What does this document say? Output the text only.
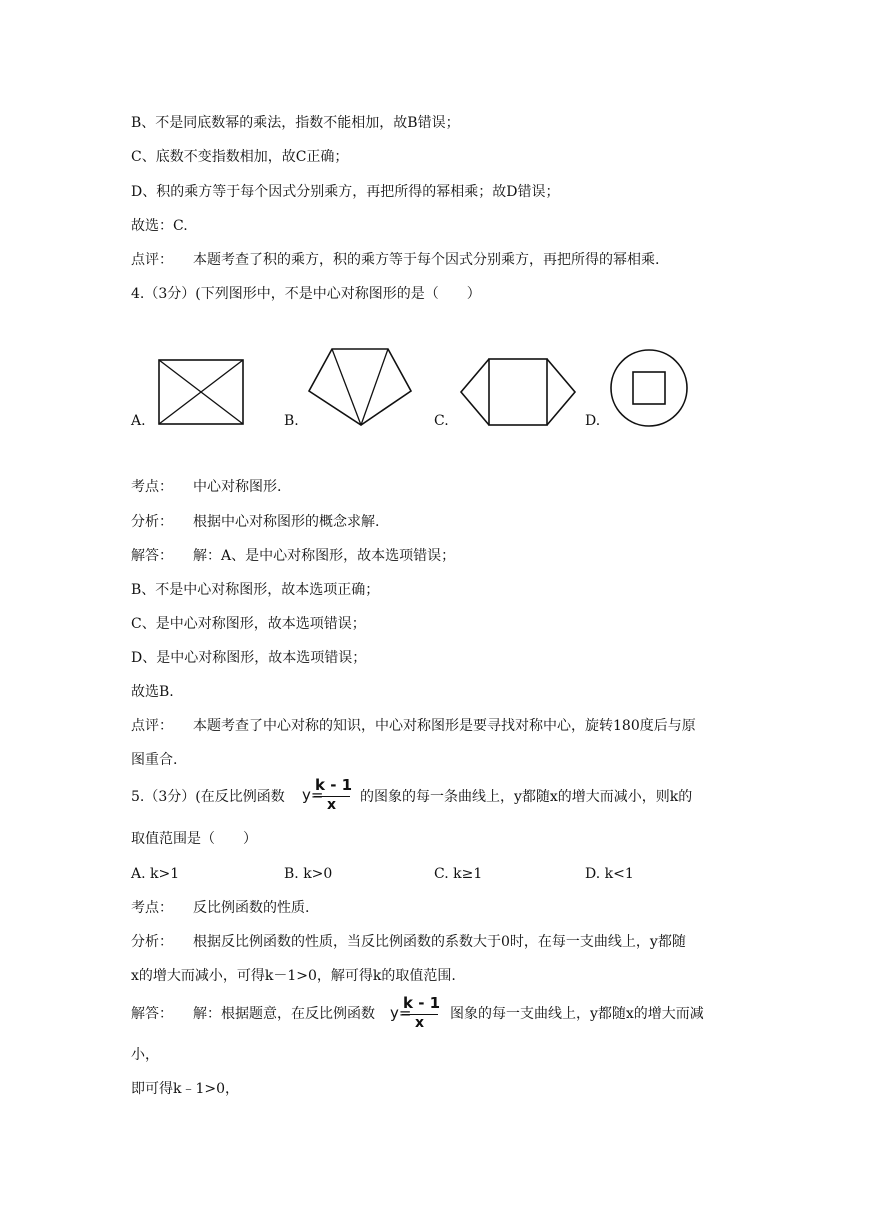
B、不是同底数幂的乘法，指数不能相加，故B错误；
C、底数不变指数相加，故C正确；
D、积的乘方等于每个因式分别乘方，再把所得的幂相乘；故D错误；
故选：C.
点评： 本题考查了积的乘方，积的乘方等于每个因式分别乘方，再把所得的幂相乘.
4.（3分）(下列图形中，不是中心对称图形的是（　　）
A.	B.	C.	D.
考点： 中心对称图形.
分析： 根据中心对称图形的概念求解.
解答： 解：A、是中心对称图形，故本选项错误；
B、不是中心对称图形，故本选项正确；
C、是中心对称图形，故本选项错误；
D、是中心对称图形，故本选项错误；
故选B.
点评： 本题考查了中心对称的知识，中心对称图形是要寻找对称中心，旋转180度后与原
图重合.
5.（3分）(在反比例函数 y=
k - 1
x 的图象的每一条曲线上，y都随x的增大而减小，则k的
取值范围是（　　）
A. k>1	B. k>0	C. k≥1	D. k<1
考点： 反比例函数的性质.
分析： 根据反比例函数的性质，当反比例函数的系数大于0时，在每一支曲线上，y都随
x的增大而减小，可得k－1>0，解可得k的取值范围.
解答： 解：根据题意，在反比例函数 y=
k - 1
x
图象的每一支曲线上，y都随x的增大而减
小，
即可得k﹣1>0，
